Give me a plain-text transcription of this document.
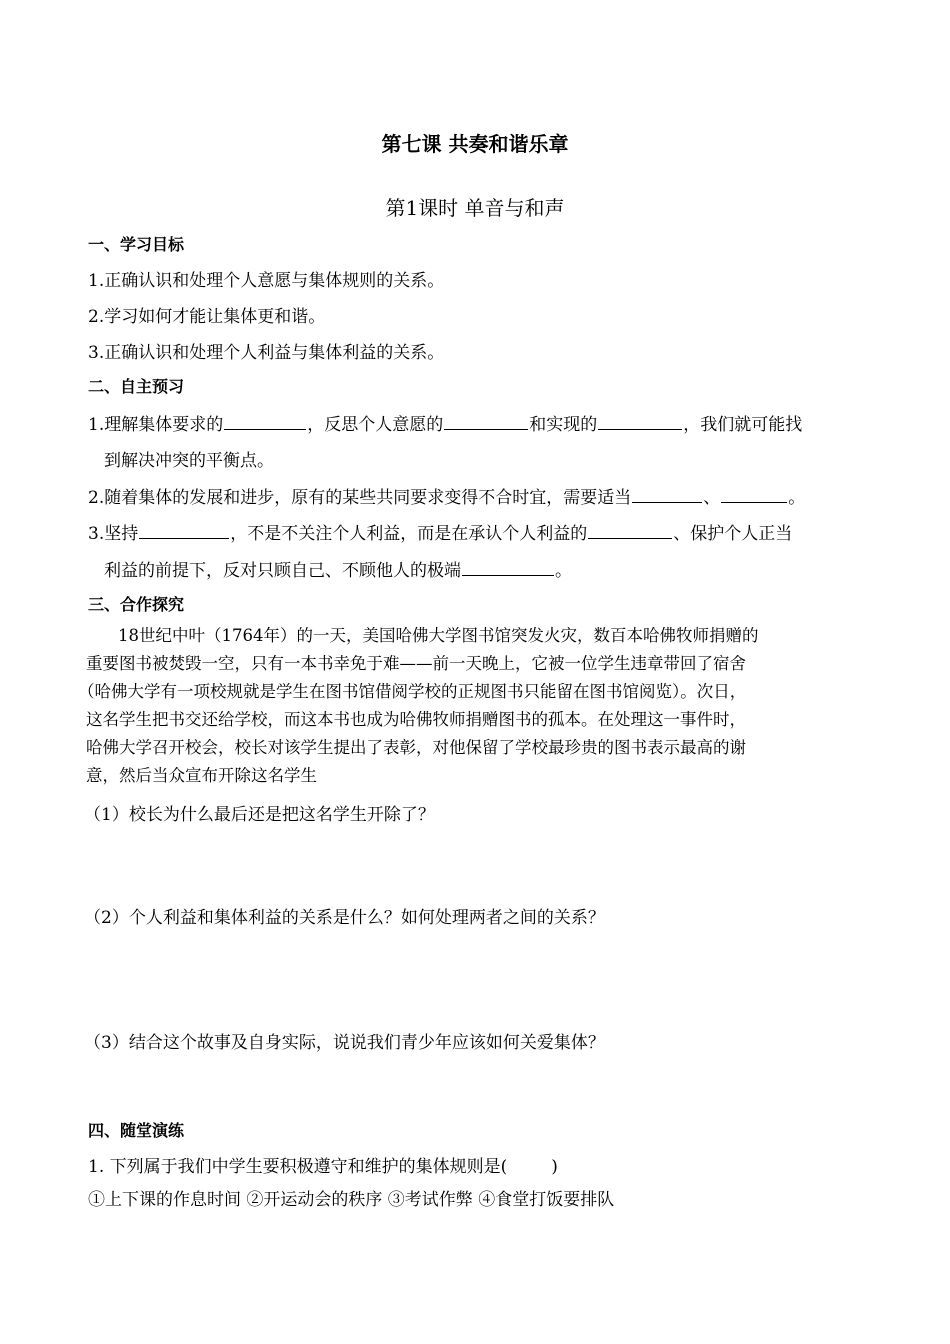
第七课 共奏和谐乐章
第1课时 单音与和声
一、学习目标
1.正确认识和处理个人意愿与集体规则的关系。
2.学习如何才能让集体更和谐。
3.正确认识和处理个人利益与集体利益的关系。
二、自主预习
1.理解集体要求的	，反思个人意愿的	和实现的	，我们就可能找
到解决冲突的平衡点。
2.随着集体的发展和进步，原有的某些共同要求变得不合时宜，需要适当	、	。
3.坚持	，不是不关注个人利益，而是在承认个人利益的	、保护个人正当
利益的前提下，反对只顾自己、不顾他人的极端	。
三、合作探究
18世纪中叶（1764年）的一天，美国哈佛大学图书馆突发火灾，数百本哈佛牧师捐赠的
重要图书被焚毁一空，只有一本书幸免于难——前一天晚上，它被一位学生违章带回了宿舍
（哈佛大学有一项校规就是学生在图书馆借阅学校的正规图书只能留在图书馆阅览）。次日，
这名学生把书交还给学校，而这本书也成为哈佛牧师捐赠图书的孤本。在处理这一事件时，
哈佛大学召开校会，校长对该学生提出了表彰，对他保留了学校最珍贵的图书表示最高的谢
意，然后当众宣布开除这名学生
（1）校长为什么最后还是把这名学生开除了？
（2）个人利益和集体利益的关系是什么？如何处理两者之间的关系？
（3）结合这个故事及自身实际，说说我们青少年应该如何关爱集体？
四、随堂演练
1. 下列属于我们中学生要积极遵守和维护的集体规则是(	)
①上下课的作息时间 ②开运动会的秩序 ③考试作弊 ④食堂打饭要排队
